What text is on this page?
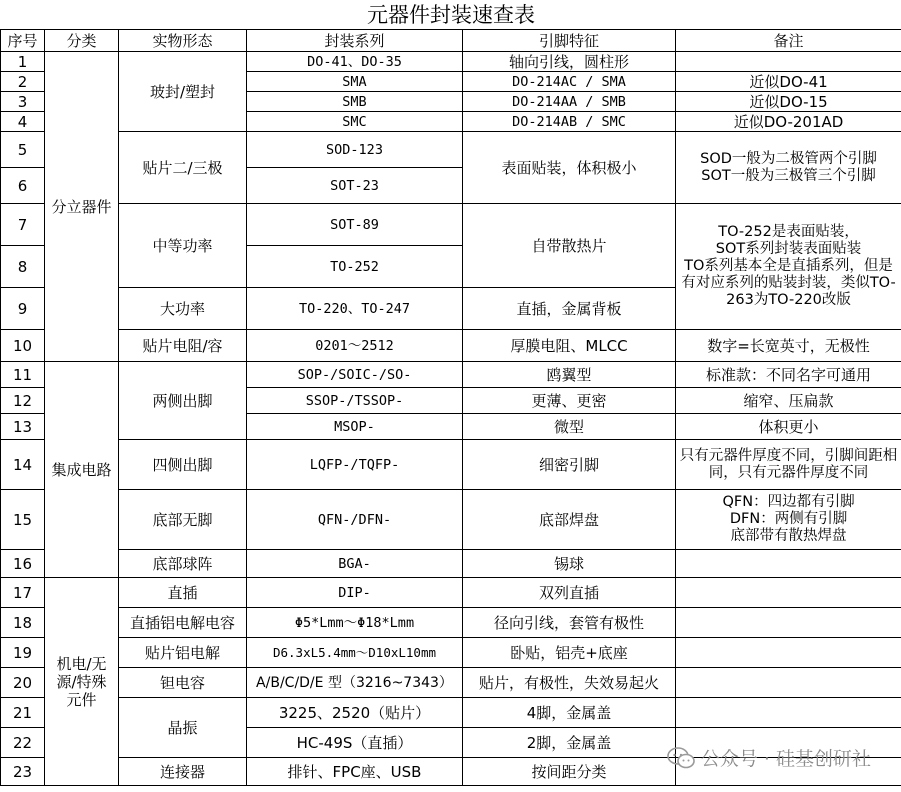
元器件封装速查表					
序号	分类	实物形态	封装系列	引脚特征	备注
1	分立器件	玻封/塑封	DO-41、DO-35	轴向引线，圆柱形	
2			SMA	DO-214AC / SMA	近似DO-41
3			SMB	DO-214AA / SMB	近似DO-15
4			SMC	DO-214AB / SMC	近似DO-201AD
5		贴片二/三极	SOD-123	表面贴装，体积极小	SOD一般为二极管两个引脚
SOT一般为三极管三个引脚
6			SOT-23		
7		中等功率	SOT-89	自带散热片	TO-252是表面贴装，
SOT系列封装表面贴装
TO系列基本全是直插系列，但是有对应系列的贴装封装，类似TO-263为TO-220改版
8			TO-252		
9		大功率	TO-220、TO-247	直插，金属背板	
10		贴片电阻/容	0201～2512	厚膜电阻、MLCC	数字=长宽英寸，无极性
11	集成电路	两侧出脚	SOP-/SOIC-/SO-	鸥翼型	标准款：不同名字可通用
12			SSOP-/TSSOP-	更薄、更密	缩窄、压扁款
13			MSOP-	微型	体积更小
14		四侧出脚	LQFP-/TQFP-	细密引脚	只有元器件厚度不同，引脚间距相同，只有元器件厚度不同
15		底部无脚	QFN-/DFN-	底部焊盘	QFN：四边都有引脚
DFN：两侧有引脚
底部带有散热焊盘
16		底部球阵	BGA-	锡球	
17	机电/无源/特殊元件	直插	DIP-	双列直插	
18		直插铝电解电容	Φ5*Lmm～Φ18*Lmm	径向引线，套管有极性	
19		贴片铝电解	D6.3xL5.4mm～D10xL10mm	卧贴，铝壳+底座	
20		钽电容	A/B/C/D/E 型（3216~7343）	贴片，有极性，失效易起火	
21		晶振	3225、2520（贴片）	4脚，金属盖	
22			HC-49S（直插）	2脚，金属盖	
23		连接器	排针、FPC座、USB	按间距分类	
公众号 · 硅基创研社
